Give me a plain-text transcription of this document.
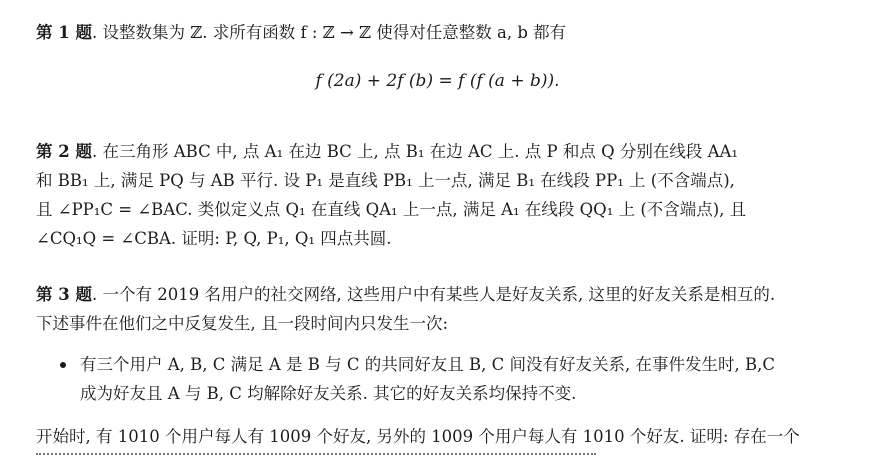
第 1 题. 设整数集为 ℤ. 求所有函数 f : ℤ → ℤ 使得对任意整数 a, b 都有
f (2a) + 2f (b) = f (f (a + b)).
第 2 题. 在三角形 ABC 中, 点 A₁ 在边 BC 上, 点 B₁ 在边 AC 上. 点 P 和点 Q 分别在线段 AA₁
和 BB₁ 上, 满足 PQ 与 AB 平行. 设 P₁ 是直线 PB₁ 上一点, 满足 B₁ 在线段 PP₁ 上 (不含端点),
且 ∠PP₁C = ∠BAC. 类似定义点 Q₁ 在直线 QA₁ 上一点, 满足 A₁ 在线段 QQ₁ 上 (不含端点), 且
∠CQ₁Q = ∠CBA. 证明: P, Q, P₁, Q₁ 四点共圆.
第 3 题. 一个有 2019 名用户的社交网络, 这些用户中有某些人是好友关系, 这里的好友关系是相互的.
下述事件在他们之中反复发生, 且一段时间内只发生一次:
有三个用户 A, B, C 满足 A 是 B 与 C 的共同好友且 B, C 间没有好友关系, 在事件发生时, B,C
成为好友且 A 与 B, C 均解除好友关系. 其它的好友关系均保持不变.
开始时, 有 1010 个用户每人有 1009 个好友, 另外的 1009 个用户每人有 1010 个好友. 证明: 存在一个
